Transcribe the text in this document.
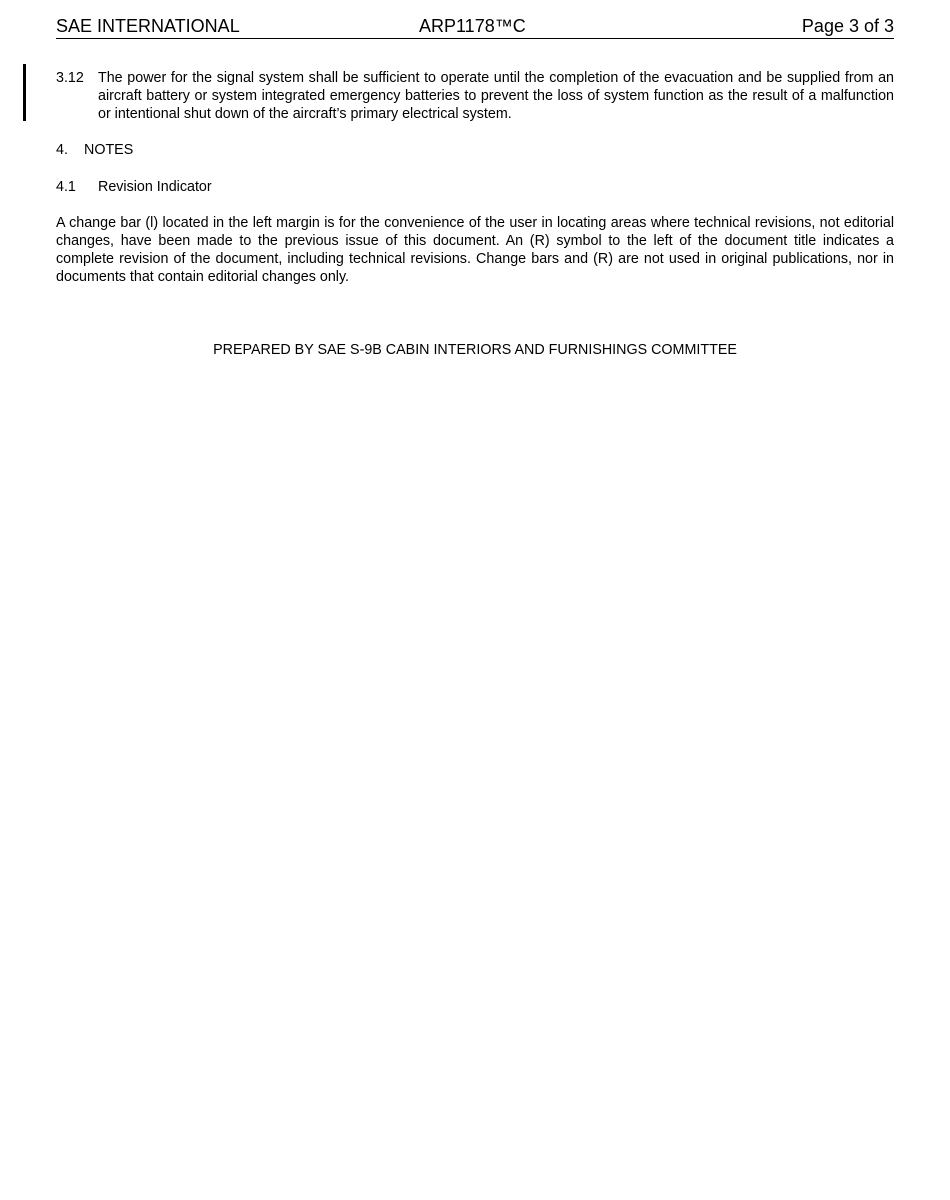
SAE INTERNATIONAL	ARP1178™C	Page 3 of 3
3.12 The power for the signal system shall be sufficient to operate until the completion of the evacuation and be supplied from an aircraft battery or system integrated emergency batteries to prevent the loss of system function as the result of a malfunction or intentional shut down of the aircraft’s primary electrical system.
4. NOTES
4.1 Revision Indicator
A change bar (l) located in the left margin is for the convenience of the user in locating areas where technical revisions, not editorial changes, have been made to the previous issue of this document. An (R) symbol to the left of the document title indicates a complete revision of the document, including technical revisions. Change bars and (R) are not used in original publications, nor in documents that contain editorial changes only.
PREPARED BY SAE S-9B CABIN INTERIORS AND FURNISHINGS COMMITTEE
